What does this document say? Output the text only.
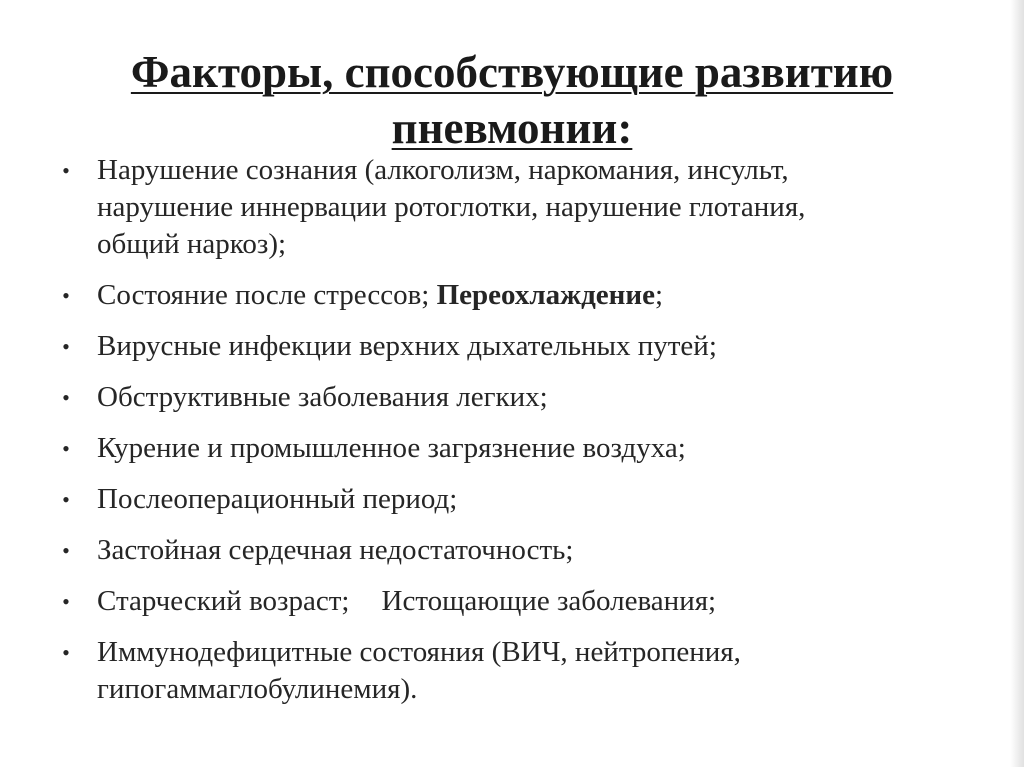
Факторы, способствующие развитию
пневмонии:
• Нарушение сознания (алкоголизм, наркомания, инсульт,
нарушение иннервации ротоглотки, нарушение глотания,
общий наркоз);
• Состояние после стрессов; Переохлаждение;
• Вирусные инфекции верхних дыхательных путей;
• Обструктивные заболевания легких;
• Курение и промышленное загрязнение воздуха;
• Послеоперационный период;
• Застойная сердечная недостаточность;
• Старческий возраст; Истощающие заболевания;
• Иммунодефицитные состояния (ВИЧ, нейтропения,
гипогаммаглобулинемия).
